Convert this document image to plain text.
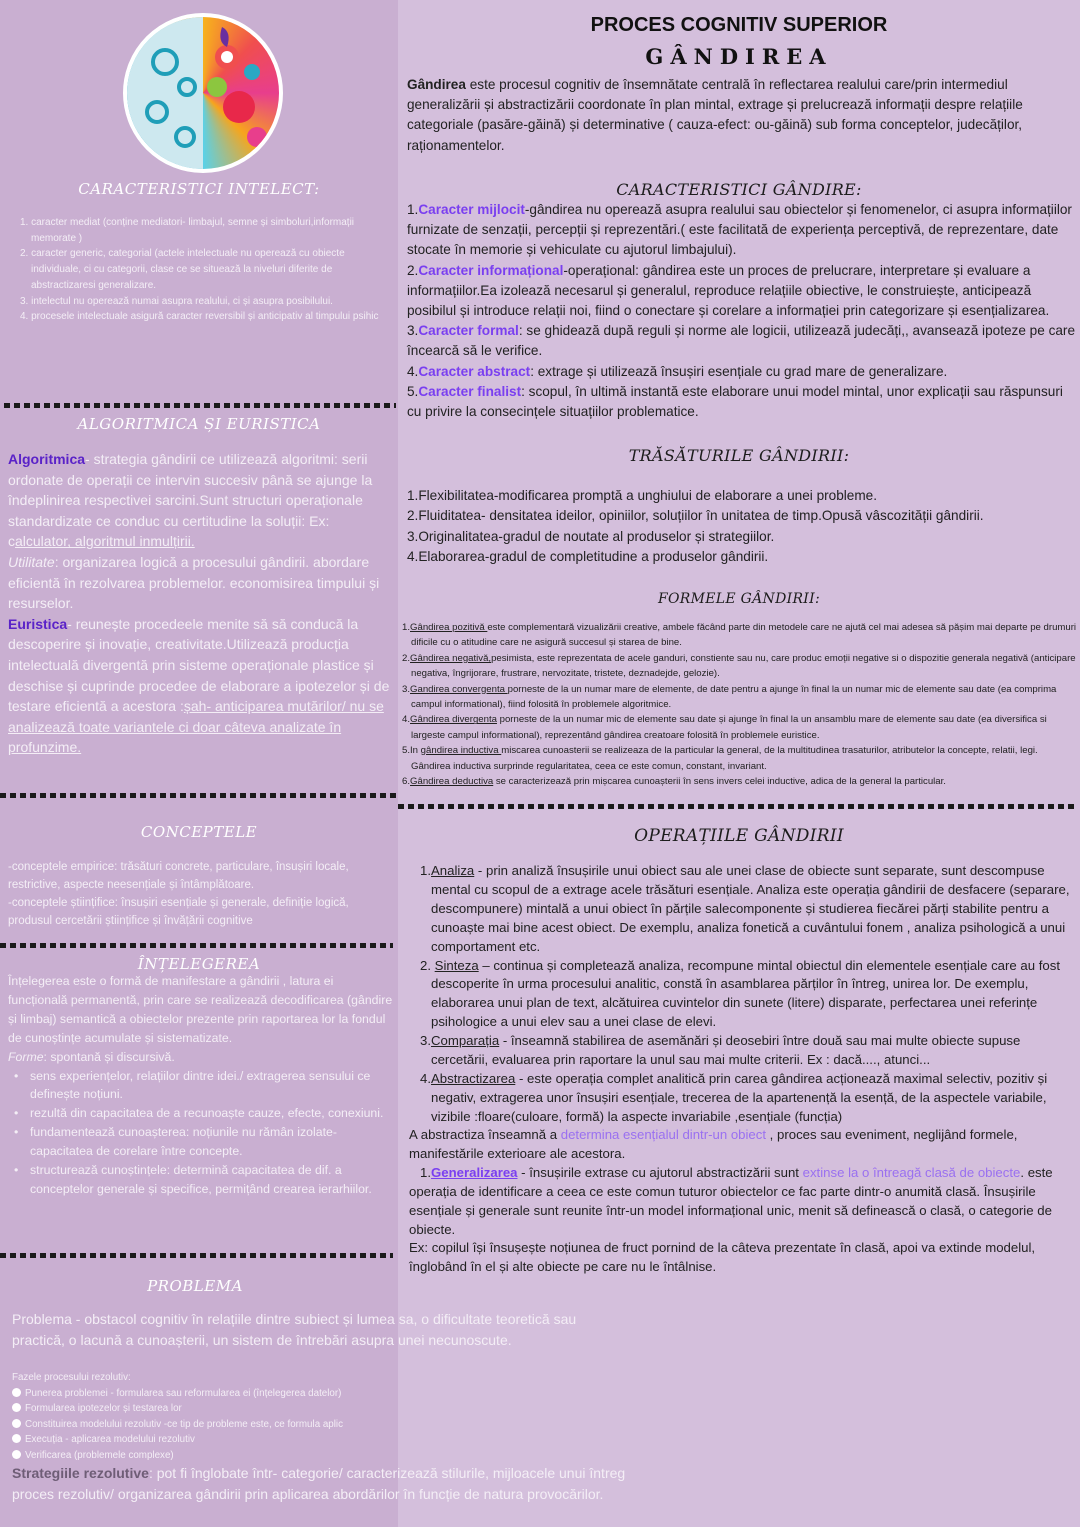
CARACTERISTICI INTELECT:
1. caracter mediat (conține mediatori- limbajul, semne și simboluri,informații memorate )
2. caracter generic, categorial (actele intelectuale nu operează cu obiecte individuale, ci cu categorii, clase ce se situează la niveluri diferite de abstractizaresi generalizare.
3. intelectul nu operează numai asupra realului, ci și asupra posibilului.
4. procesele intelectuale asigură caracter reversibil și anticipativ al timpului psihic
ALGORITMICA ȘI EURISTICA
Algoritmica- strategia gândirii ce utilizează algoritmi: serii ordonate de operații ce intervin succesiv până se ajunge la îndeplinirea respectivei sarcini.Sunt structuri operaționale standardizate ce conduc cu certitudine la soluții: Ex: calculator, algoritmul inmulțirii.
Utilitate: organizarea logică a procesului gândirii. abordare eficientă în rezolvarea problemelor. economisirea timpului și resurselor.
Euristica- reunește procedeele menite să să conducă la descoperire și inovație, creativitate.Utilizează producția intelectuală divergentă prin sisteme operaționale plastice și deschise și cuprinde procedee de elaborare a ipotezelor și de testare eficientă a acestora :șah- anticiparea mutărilor/ nu se analizează toate variantele ci doar câteva analizate în profunzime.
CONCEPTELE
-conceptele empirice: trăsături concrete, particulare, însușiri locale, restrictive, aspecte neesențiale și întâmplătoare.
-conceptele științifice: însușiri esențiale și generale, definiție logică, produsul cercetării științifice și învățării cognitive
ÎNȚELEGEREA
Înțelegerea este o formă de manifestare a gândirii , latura ei funcțională permanentă, prin care se realizează decodificarea (gândire și limbaj) semantică a obiectelor prezente prin raportarea lor la fondul de cunoștințe acumulate și sistematizate.
Forme: spontană și discursivă.
• sens experiențelor, relațiilor dintre idei./ extragerea sensului ce definește noțiuni.
• rezultă din capacitatea de a recunoaște cauze, efecte, conexiuni.
• fundamentează cunoașterea: noțiunile nu rămân izolate- capacitatea de corelare între concepte.
• structurează cunoștințele: determină capacitatea de dif. a conceptelor generale și specifice, permițând crearea ierarhiilor.
PROBLEMA
Problema - obstacol cognitiv în relațiile dintre subiect și lumea sa, o dificultate teoretică sau practică, o lacună a cunoașterii, un sistem de întrebări asupra unei necunoscute.
Fazele procesului rezolutiv:
Punerea problemei - formularea sau reformularea ei (înțelegerea datelor)
Formularea ipotezelor și testarea lor
Constituirea modelului rezolutiv -ce tip de probleme este, ce formula aplic
Execuția - aplicarea modelului rezolutiv
Verificarea (problemele complexe)
Strategiile rezolutive: pot fi înglobate într- categorie/ caracterizează stilurile, mijloacele unui întreg proces rezolutiv/ organizarea gândirii prin aplicarea abordărilor în funcție de natura provocărilor.
PROCES COGNITIV SUPERIOR
GÂNDIREA
Gândirea este procesul cognitiv de însemnătate centrală în reflectarea realului care/prin intermediul generalizării și abstractizării coordonate în plan mintal, extrage și prelucrează informații despre relațiile categoriale (pasăre-găină) și determinative ( cauza-efect: ou-găină) sub forma conceptelor, judecăților, raționamentelor.
CARACTERISTICI GÂNDIRE:
1.Caracter mijlocit-gândirea nu operează asupra realului sau obiectelor și fenomenelor, ci asupra informațiilor furnizate de senzații, percepții și reprezentări.( este facilitată de experiența perceptivă, de reprezentare, date stocate în memorie și vehiculate cu ajutorul limbajului).
2.Caracter informațional-operațional: gândirea este un proces de prelucrare, interpretare și evaluare a informațiilor.Ea izolează necesarul și generalul, reproduce relațiile obiective, le construiește, anticipează posibilul și introduce relații noi, fiind o conectare și corelare a informației prin categorizare și esențializarea.
3.Caracter formal: se ghidează după reguli și norme ale logicii, utilizează judecăți,, avansează ipoteze pe care încearcă să le verifice.
4.Caracter abstract: extrage și utilizează însușiri esențiale cu grad mare de generalizare.
5.Caracter finalist: scopul, în ultimă instantă este elaborare unui model mintal, unor explicații sau răspunsuri cu privire la consecințele situațiilor problematice.
TRĂSĂTURILE GÂNDIRII:
1.Flexibilitatea-modificarea promptă a unghiului de elaborare a unei probleme.
2.Fluiditatea- densitatea ideilor, opiniilor, soluțiilor în unitatea de timp.Opusă vâscozității gândirii.
3.Originalitatea-gradul de noutate al produselor și strategiilor.
4.Elaborarea-gradul de completitudine a produselor gândirii.
FORMELE GÂNDIRII:
1.Gândirea pozitivă este complementară vizualizării creative, ambele făcând parte din metodele care ne ajută cel mai adesea să pășim mai departe pe drumuri dificile cu o atitudine care ne asigură succesul și starea de bine.
2.Gândirea negativă,pesimista, este reprezentata de acele ganduri, constiente sau nu, care produc emoții negative si o dispozitie generala negativă (anticipare negativa, îngrijorare, frustrare, nervozitate, tristete, deznadejde, gelozie).
3.Gandirea convergenta porneste de la un numar mare de elemente, de date pentru a ajunge în final la un numar mic de elemente sau date (ea comprima campul informational), fiind folosită în problemele algoritmice.
4.Gândirea divergenta porneste de la un numar mic de elemente sau date și ajunge în final la un ansamblu mare de elemente sau date (ea diversifica si largeste campul informational), reprezentând gândirea creatoare folosită în problemele euristice.
5.In gândirea inductiva miscarea cunoasterii se realizeaza de la particular la general, de la multitudinea trasaturilor, atributelor la concepte, relatii, legi. Gândirea inductiva surprinde regularitatea, ceea ce este comun, constant, invariant.
6.Gândirea deductiva se caracterizează prin mișcarea cunoașterii în sens invers celei inductive, adica de la general la particular.
OPERAȚIILE GÂNDIRII
1.Analiza - prin analiză însușirile unui obiect sau ale unei clase de obiecte sunt separate, sunt descompuse mental cu scopul de a extrage acele trăsături esențiale. Analiza este operația gândirii de desfacere (separare, descompunere) mintală a unui obiect în părțile salecomponente și studierea fiecărei părți stabilite pentru a cunoaște mai bine acest obiect. De exemplu, analiza fonetică a cuvântului fonem , analiza psihologică a unui comportament etc.
2. Sinteza – continua și completează analiza, recompune mintal obiectul din elementele esențiale care au fost descoperite în urma procesului analitic, constă în asamblarea părților în întreg, unirea lor. De exemplu, elaborarea unui plan de text, alcătuirea cuvintelor din sunete (litere) disparate, perfectarea unei referințe psihologice a unui elev sau a unei clase de elevi.
3.Comparația - înseamnă stabilirea de asemănări și deosebiri între două sau mai multe obiecte supuse cercetării, evaluarea prin raportare la unul sau mai multe criterii. Ex : dacă...., atunci...
4.Abstractizarea - este operația complet analitică prin carea gândirea acționează maximal selectiv, pozitiv și negativ, extragerea unor însușiri esențiale, trecerea de la apartenență la esență, de la aspectele variabile, vizibile :floare(culoare, formă) la aspecte invariabile ,esențiale (funcția)
A abstractiza înseamnă a determina esențialul dintr-un obiect , proces sau eveniment, neglijând formele, manifestările exterioare ale acestora.
1.Generalizarea - însușirile extrase cu ajutorul abstractizării sunt extinse la o întreagă clasă de obiecte. este operația de identificare a ceea ce este comun tuturor obiectelor ce fac parte dintr-o anumită clasă. Însușirile esențiale și generale sunt reunite într-un model informațional unic, menit să definească o clasă, o categorie de obiecte.
Ex: copilul își însușește noțiunea de fruct pornind de la câteva prezentate în clasă, apoi va extinde modelul, înglobând în el și alte obiecte pe care nu le întâlnise.
